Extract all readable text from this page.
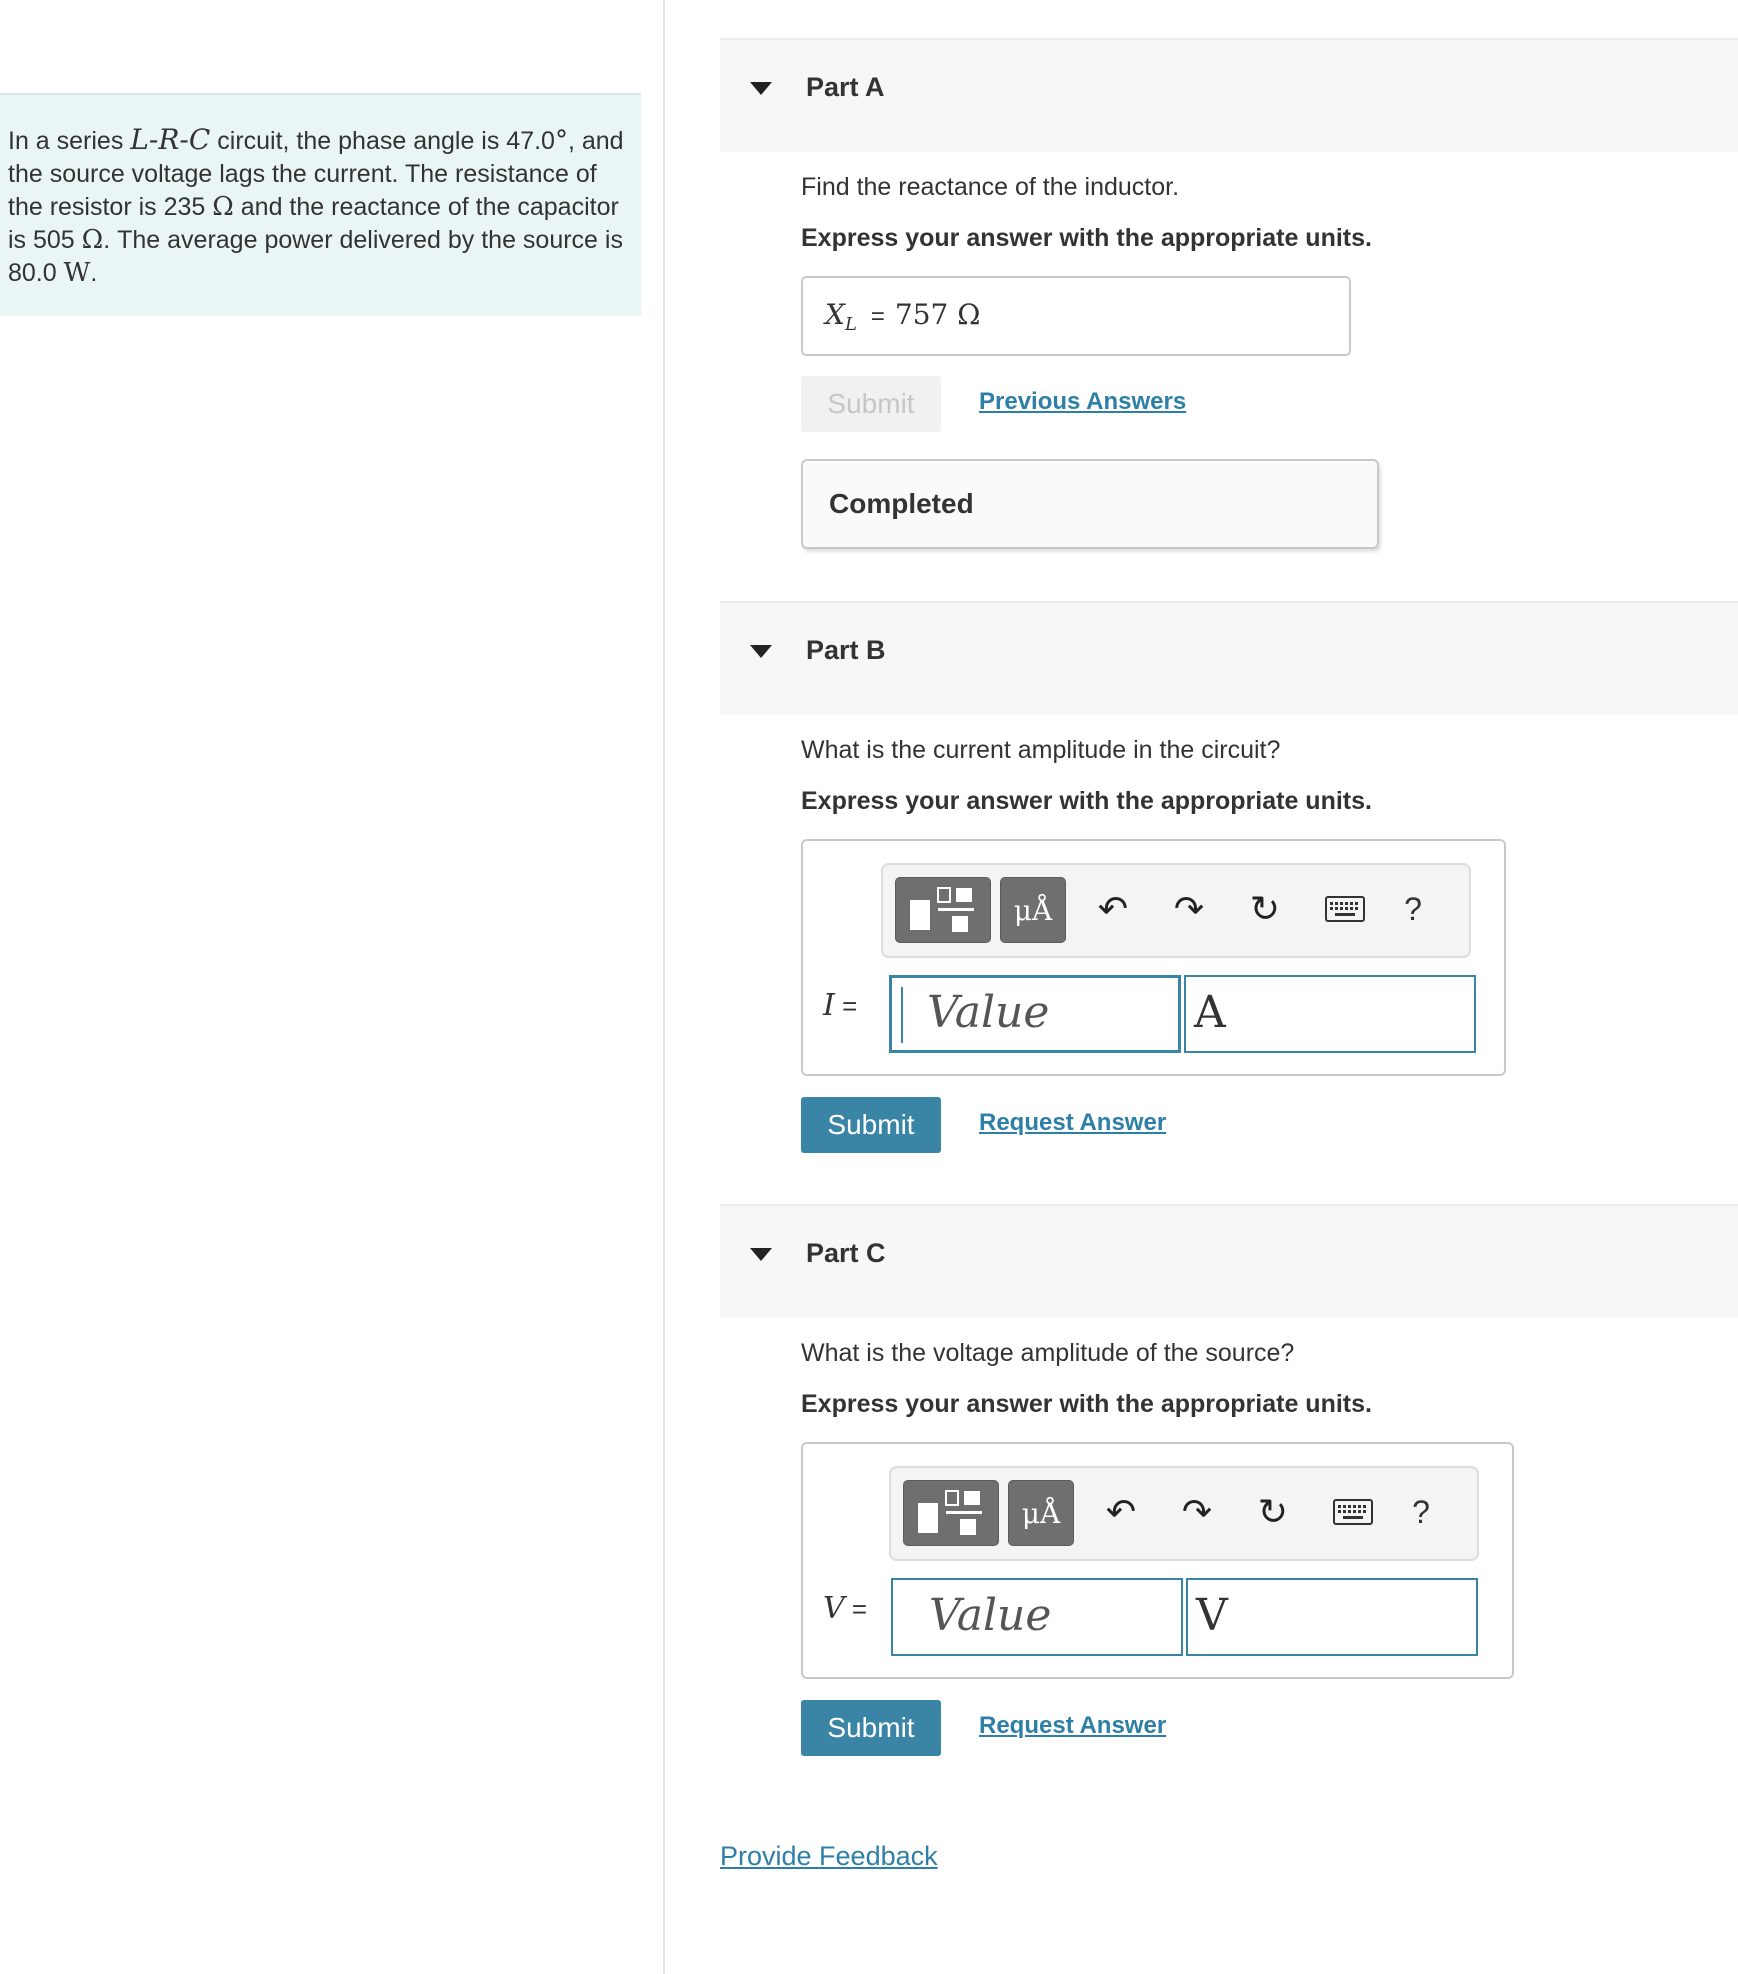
In a series L-R-C circuit, the phase angle is 47.0°, and the source voltage lags the current. The resistance of the resistor is 235 Ω and the reactance of the capacitor is 505 Ω. The average power delivered by the source is 80.0 W.
Part A
Find the reactance of the inductor.
Express your answer with the appropriate units.
$X_L = 757$ Ω
Submit	Previous Answers
Completed
Part B
What is the current amplitude in the circuit?
Express your answer with the appropriate units.
μÅ	↶ ↷ ↻	?
I =	Value	A
Submit	Request Answer
Part C
What is the voltage amplitude of the source?
Express your answer with the appropriate units.
μÅ	↶ ↷ ↻	?
V =	Value	V
Submit	Request Answer
Provide Feedback
